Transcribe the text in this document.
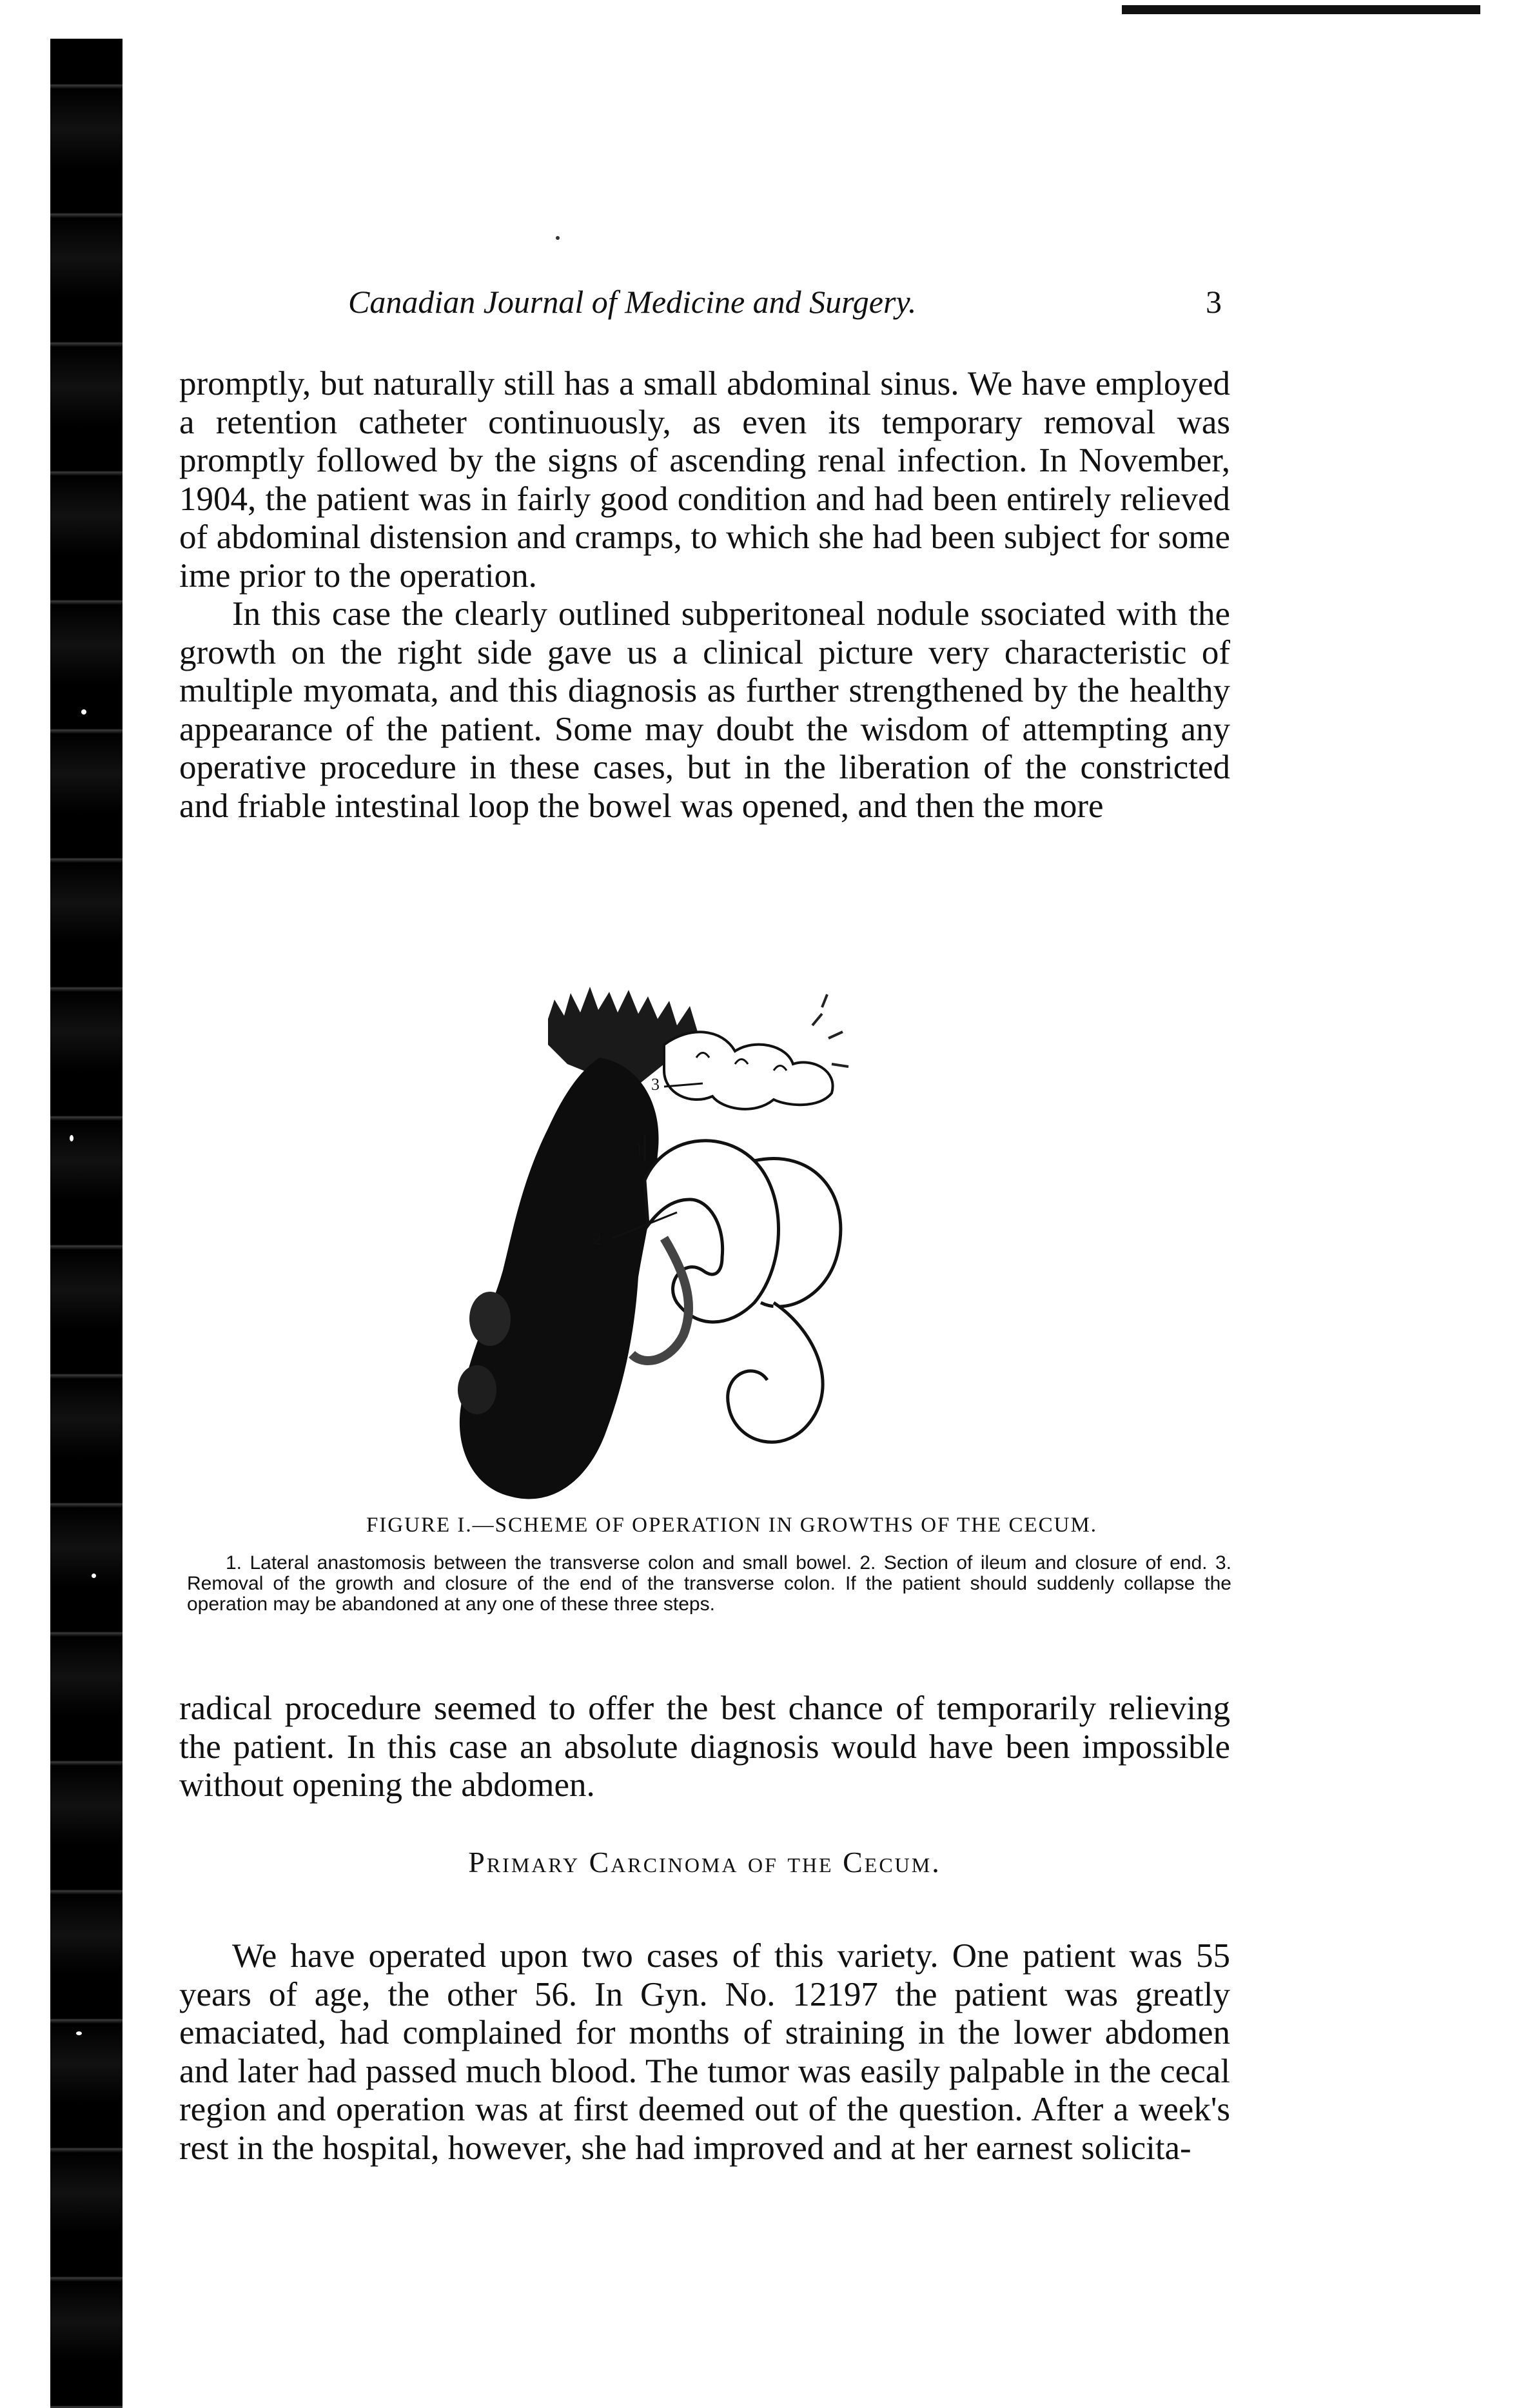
Canadian Journal of Medicine and Surgery.	3

promptly, but naturally still has a small abdominal sinus. We have employed a retention catheter continuously, as even its temporary removal was promptly followed by the signs of ascending renal infection. In November, 1904, the patient was in fairly good condition and had been entirely relieved of abdominal distension and cramps, to which she had been subject for some ime prior to the operation.

In this case the clearly outlined subperitoneal nodule ssociated with the growth on the right side gave us a clinical picture very characteristic of multiple myomata, and this diagnosis as further strengthened by the healthy appearance of the patient. Some may doubt the wisdom of attempting any operative procedure in these cases, but in the liberation of the constricted and friable intestinal loop the bowel was opened, and then the more

1
2
3

FIGURE I.—SCHEME OF OPERATION IN GROWTHS OF THE CECUM.

1. Lateral anastomosis between the transverse colon and small bowel. 2. Section of ileum and closure of end. 3. Removal of the growth and closure of the end of the transverse colon. If the patient should suddenly collapse the operation may be abandoned at any one of these three steps.

radical procedure seemed to offer the best chance of temporarily relieving the patient. In this case an absolute diagnosis would have been impossible without opening the abdomen.

Primary Carcinoma of the Cecum.

We have operated upon two cases of this variety. One patient was 55 years of age, the other 56. In Gyn. No. 12197 the patient was greatly emaciated, had complained for months of straining in the lower abdomen and later had passed much blood. The tumor was easily palpable in the cecal region and operation was at first deemed out of the question. After a week's rest in the hospital, however, she had improved and at her earnest solicita-
